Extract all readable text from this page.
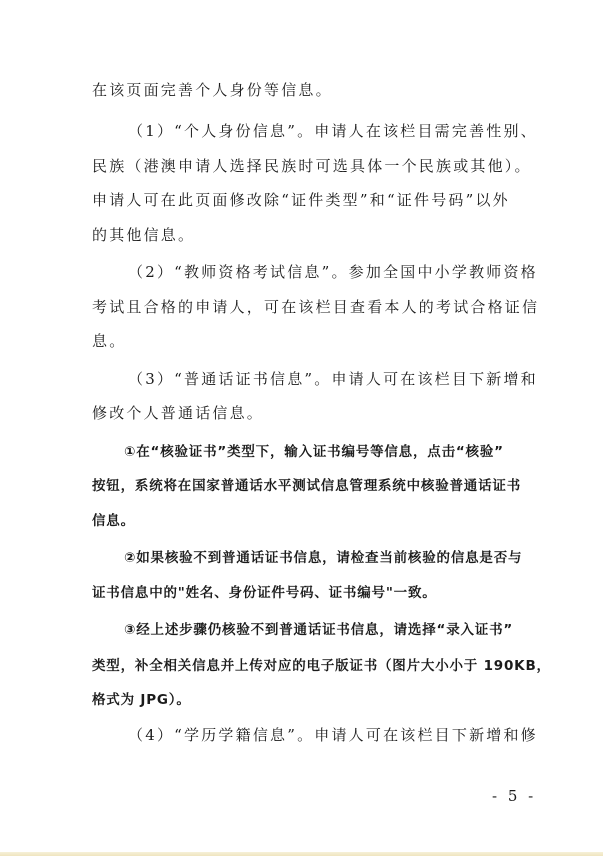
在该页面完善个人身份等信息。
（1）“个人身份信息”。申请人在该栏目需完善性别、
民族（港澳申请人选择民族时可选具体一个民族或其他）。
申请人可在此页面修改除“证件类型”和“证件号码”以外
的其他信息。
（2）“教师资格考试信息”。参加全国中小学教师资格
考试且合格的申请人，可在该栏目查看本人的考试合格证信
息。
（3）“普通话证书信息”。申请人可在该栏目下新增和
修改个人普通话信息。
①在“核验证书”类型下，输入证书编号等信息，点击“核验”
按钮，系统将在国家普通话水平测试信息管理系统中核验普通话证书
信息。
②如果核验不到普通话证书信息，请检查当前核验的信息是否与
证书信息中的"姓名、身份证件号码、证书编号"一致。
③经上述步骤仍核验不到普通话证书信息，请选择“录入证书”
类型，补全相关信息并上传对应的电子版证书（图片大小小于 190KB，
格式为 JPG）。
（4）“学历学籍信息”。申请人可在该栏目下新增和修
- 5 -
